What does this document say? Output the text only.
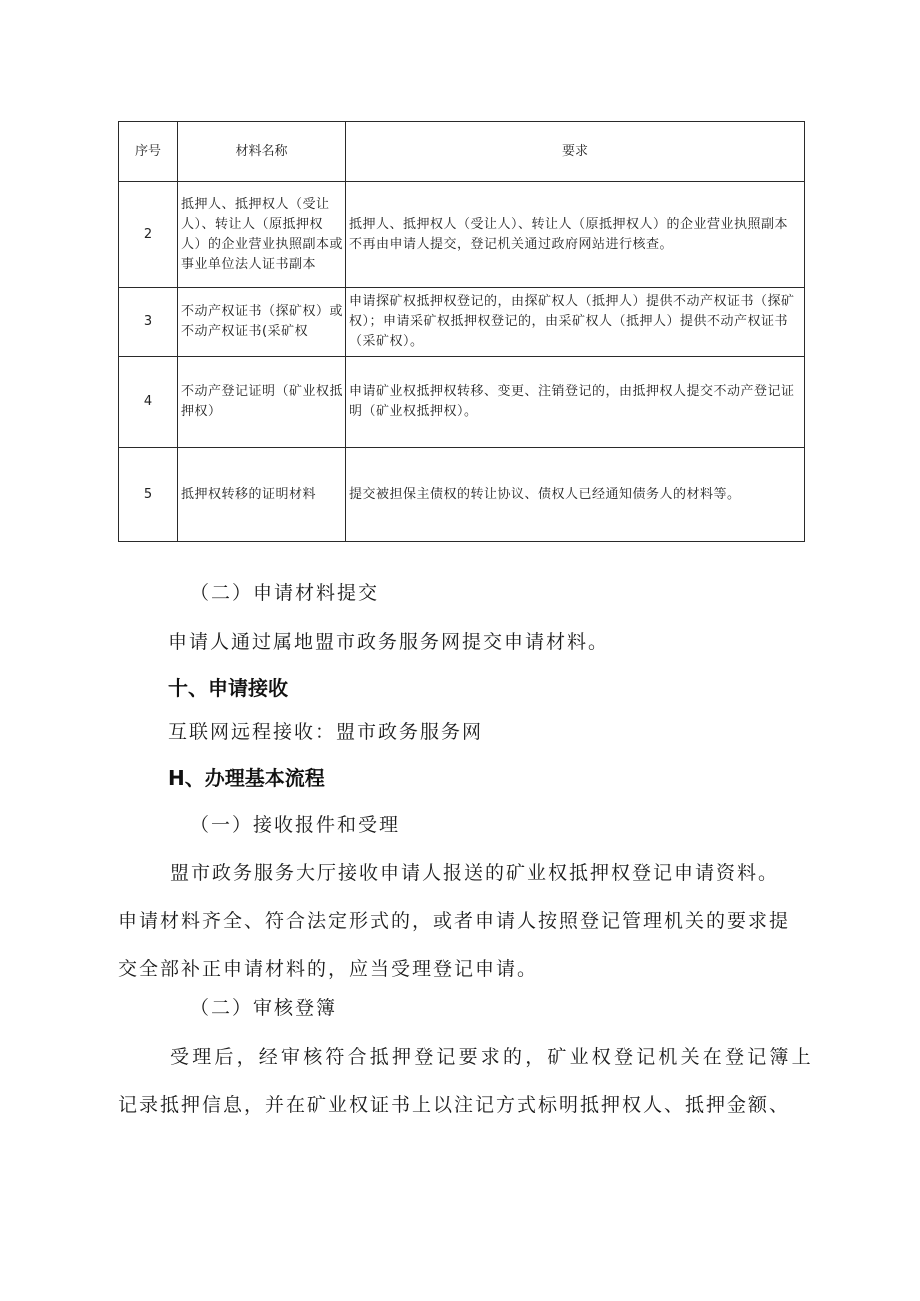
序号	材料名称	要求
2	抵押人、抵押权人（受让人）、转让人（原抵押权人）的企业营业执照副本或事业单位法人证书副本	抵押人、抵押权人（受让人）、转让人（原抵押权人）的企业营业执照副本不再由申请人提交，登记机关通过政府网站进行核查。
3	不动产权证书（探矿权）或不动产权证书(采矿权	申请探矿权抵押权登记的，由探矿权人（抵押人）提供不动产权证书（探矿权）；申请采矿权抵押权登记的，由采矿权人（抵押人）提供不动产权证书（采矿权）。
4	不动产登记证明（矿业权抵押权）	申请矿业权抵押权转移、变更、注销登记的，由抵押权人提交不动产登记证明（矿业权抵押权）。
5	抵押权转移的证明材料	提交被担保主债权的转让协议、债权人已经通知债务人的材料等。
（二）申请材料提交
申请人通过属地盟市政务服务网提交申请材料。
十、申请接收
互联网远程接收：盟市政务服务网
H、办理基本流程
（一）接收报件和受理
盟市政务服务大厅接收申请人报送的矿业权抵押权登记申请资料。
申请材料齐全、符合法定形式的，或者申请人按照登记管理机关的要求提
交全部补正申请材料的，应当受理登记申请。
（二）审核登簿
受理后，经审核符合抵押登记要求的，矿业权登记机关在登记簿上
记录抵押信息，并在矿业权证书上以注记方式标明抵押权人、抵押金额、
